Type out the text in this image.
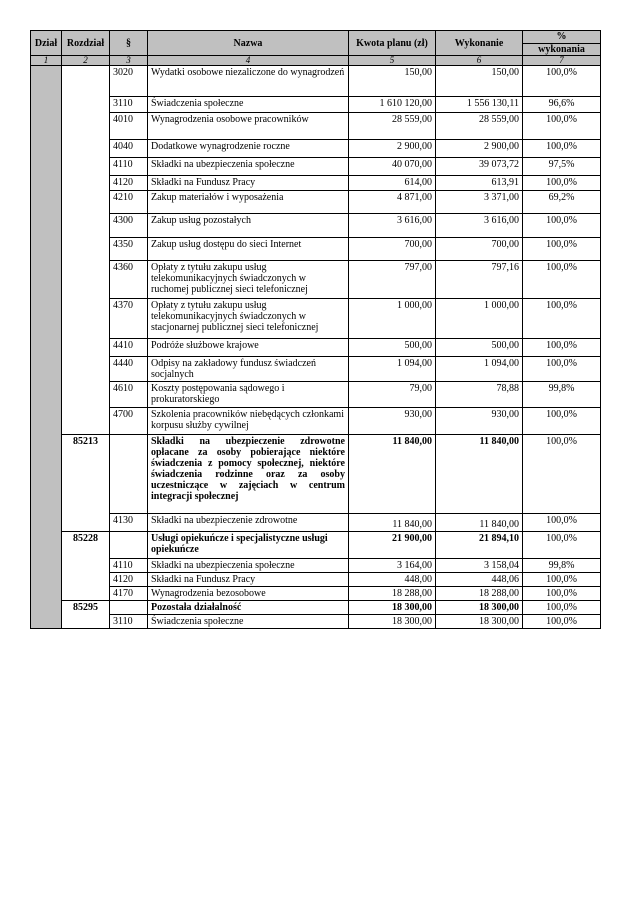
Dział	Rozdział	§	Nazwa	Kwota planu (zł)	Wykonanie	%
wykonania

1	2	3	4	5	6	7
		3020	Wydatki osobowe niezaliczone do wynagrodzeń	150,00	150,00	100,0%
		3110	Świadczenia społeczne	1 610 120,00	1 556 130,11	96,6%
		4010	Wynagrodzenia osobowe pracowników	28 559,00	28 559,00	100,0%
		4040	Dodatkowe wynagrodzenie roczne	2 900,00	2 900,00	100,0%
		4110	Składki na ubezpieczenia społeczne	40 070,00	39 073,72	97,5%
		4120	Składki na Fundusz Pracy	614,00	613,91	100,0%
		4210	Zakup materiałów i wyposażenia	4 871,00	3 371,00	69,2%
		4300	Zakup usług pozostałych	3 616,00	3 616,00	100,0%
		4350	Zakup usług dostępu do sieci Internet	700,00	700,00	100,0%
		4360	Opłaty z tytułu zakupu usług telekomunikacyjnych świadczonych w ruchomej publicznej sieci telefonicznej	797,00	797,16	100,0%
		4370	Opłaty z tytułu zakupu usług telekomunikacyjnych świadczonych w stacjonarnej publicznej sieci telefonicznej	1 000,00	1 000,00	100,0%
		4410	Podróże służbowe krajowe	500,00	500,00	100,0%
		4440	Odpisy na zakładowy fundusz świadczeń socjalnych	1 094,00	1 094,00	100,0%
		4610	Koszty postępowania sądowego i prokuratorskiego	79,00	78,88	99,8%
		4700	Szkolenia pracowników niebędących członkami korpusu służby cywilnej	930,00	930,00	100,0%
	85213		Składki na ubezpieczenie zdrowotne opłacane za osoby pobierające niektóre świadczenia z pomocy społecznej, niektóre świadczenia rodzinne oraz za osoby uczestniczące w zajęciach w centrum integracji społecznej	11 840,00	11 840,00	100,0%
		4130	Składki na ubezpieczenie zdrowotne	11 840,00	11 840,00	100,0%
	85228		Usługi opiekuńcze i specjalistyczne usługi opiekuńcze	21 900,00	21 894,10	100,0%
		4110	Składki na ubezpieczenia społeczne	3 164,00	3 158,04	99,8%
		4120	Składki na Fundusz Pracy	448,00	448,06	100,0%
		4170	Wynagrodzenia bezosobowe	18 288,00	18 288,00	100,0%
	85295		Pozostała działalność	18 300,00	18 300,00	100,0%
		3110	Świadczenia społeczne	18 300,00	18 300,00	100,0%
